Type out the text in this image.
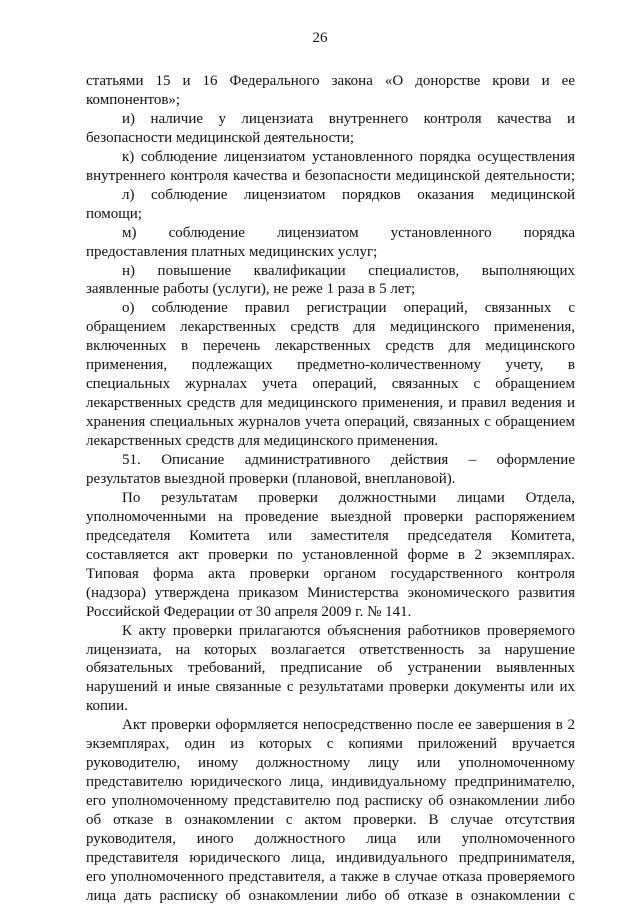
26
статьями 15 и 16 Федерального закона «О донорстве крови и ее
компонентов»;
и) наличие у лицензиата внутреннего контроля качества и
безопасности медицинской деятельности;
к) соблюдение лицензиатом установленного порядка осуществления
внутреннего контроля качества и безопасности медицинской деятельности;
л) соблюдение лицензиатом порядков оказания медицинской
помощи;
м) соблюдение лицензиатом установленного порядка
предоставления платных медицинских услуг;
н) повышение квалификации специалистов, выполняющих
заявленные работы (услуги), не реже 1 раза в 5 лет;
о) соблюдение правил регистрации операций, связанных с
обращением лекарственных средств для медицинского применения,
включенных в перечень лекарственных средств для медицинского
применения, подлежащих предметно-количественному учету, в
специальных журналах учета операций, связанных с обращением
лекарственных средств для медицинского применения, и правил ведения и
хранения специальных журналов учета операций, связанных с обращением
лекарственных средств для медицинского применения.
51. Описание административного действия – оформление
результатов выездной проверки (плановой, внеплановой).
По результатам проверки должностными лицами Отдела,
уполномоченными на проведение выездной проверки распоряжением
председателя Комитета или заместителя председателя Комитета,
составляется акт проверки по установленной форме в 2 экземплярах.
Типовая форма акта проверки органом государственного контроля
(надзора) утверждена приказом Министерства экономического развития
Российской Федерации от 30 апреля 2009 г. № 141.
К акту проверки прилагаются объяснения работников проверяемого
лицензиата, на которых возлагается ответственность за нарушение
обязательных требований, предписание об устранении выявленных
нарушений и иные связанные с результатами проверки документы или их
копии.
Акт проверки оформляется непосредственно после ее завершения в 2
экземплярах, один из которых с копиями приложений вручается
руководителю, иному должностному лицу или уполномоченному
представителю юридического лица, индивидуальному предпринимателю,
его уполномоченному представителю под расписку об ознакомлении либо
об отказе в ознакомлении с актом проверки. В случае отсутствия
руководителя, иного должностного лица или уполномоченного
представителя юридического лица, индивидуального предпринимателя,
его уполномоченного представителя, а также в случае отказа проверяемого
лица дать расписку об ознакомлении либо об отказе в ознакомлении с
